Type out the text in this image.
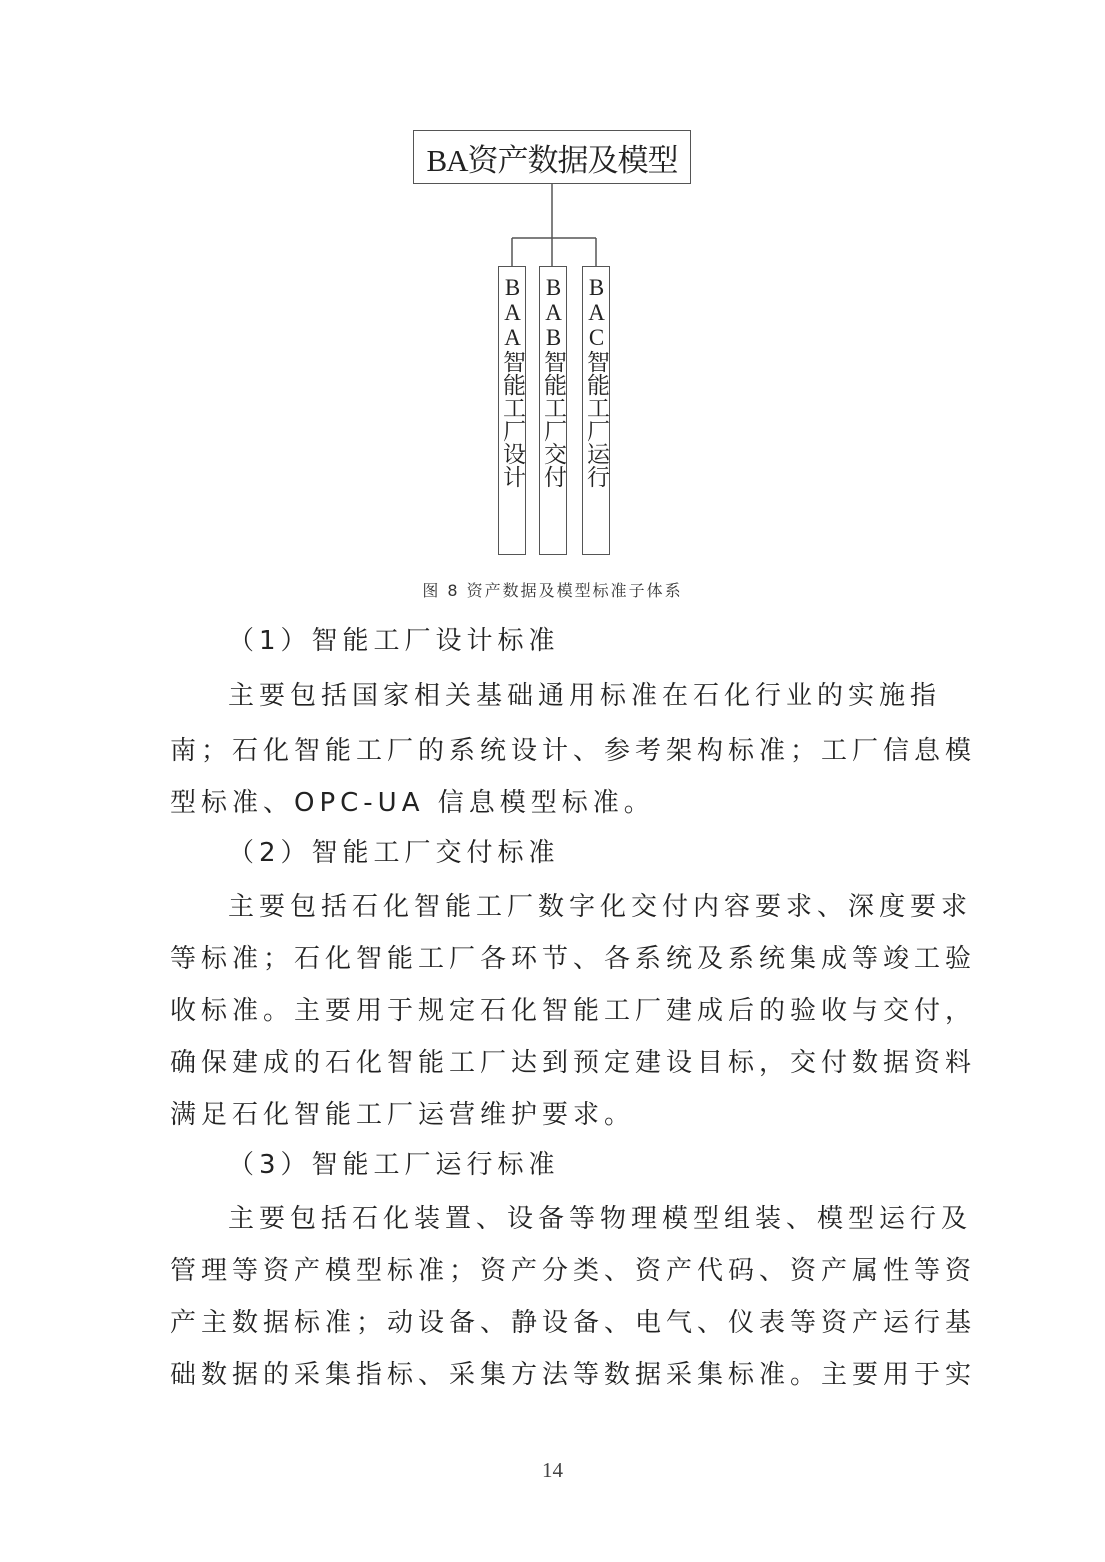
BA资产数据及模型
BAA智能工厂设计 BAB智能工厂交付 BAC智能工厂运行
图 8 资产数据及模型标准子体系
（1）智能工厂设计标准
主要包括国家相关基础通用标准在石化行业的实施指
南；石化智能工厂的系统设计、参考架构标准；工厂信息模
型标准、OPC-UA 信息模型标准。
（2）智能工厂交付标准
主要包括石化智能工厂数字化交付内容要求、深度要求
等标准；石化智能工厂各环节、各系统及系统集成等竣工验
收标准。主要用于规定石化智能工厂建成后的验收与交付，
确保建成的石化智能工厂达到预定建设目标，交付数据资料
满足石化智能工厂运营维护要求。
（3）智能工厂运行标准
主要包括石化装置、设备等物理模型组装、模型运行及
管理等资产模型标准；资产分类、资产代码、资产属性等资
产主数据标准；动设备、静设备、电气、仪表等资产运行基
础数据的采集指标、采集方法等数据采集标准。主要用于实
14
